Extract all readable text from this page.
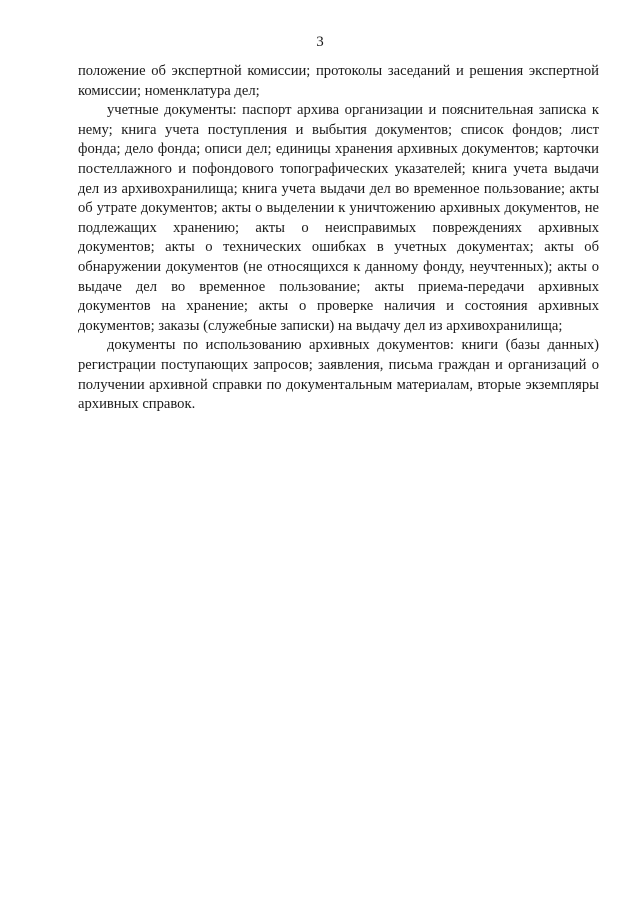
3

положение об экспертной комиссии; протоколы заседаний и решения экспертной комиссии; номенклатура дел;

учетные документы: паспорт архива организации и пояснительная записка к нему; книга учета поступления и выбытия документов; список фондов; лист фонда; дело фонда; описи дел; единицы хранения архивных документов; карточки постеллажного и пофондового топографических указателей; книга учета выдачи дел из архивохранилища; книга учета выдачи дел во временное пользование; акты об утрате документов; акты о выделении к уничтожению архивных документов, не подлежащих хранению; акты о неисправимых повреждениях архивных документов; акты о технических ошибках в учетных документах; акты об обнаружении документов (не относящихся к данному фонду, неучтенных); акты о выдаче дел во временное пользование; акты приема-передачи архивных документов на хранение; акты о проверке наличия и состояния архивных документов; заказы (служебные записки) на выдачу дел из архивохранилища;

документы по использованию архивных документов: книги (базы данных) регистрации поступающих запросов; заявления, письма граждан и организаций о получении архивной справки по документальным материалам, вторые экземпляры архивных справок.
